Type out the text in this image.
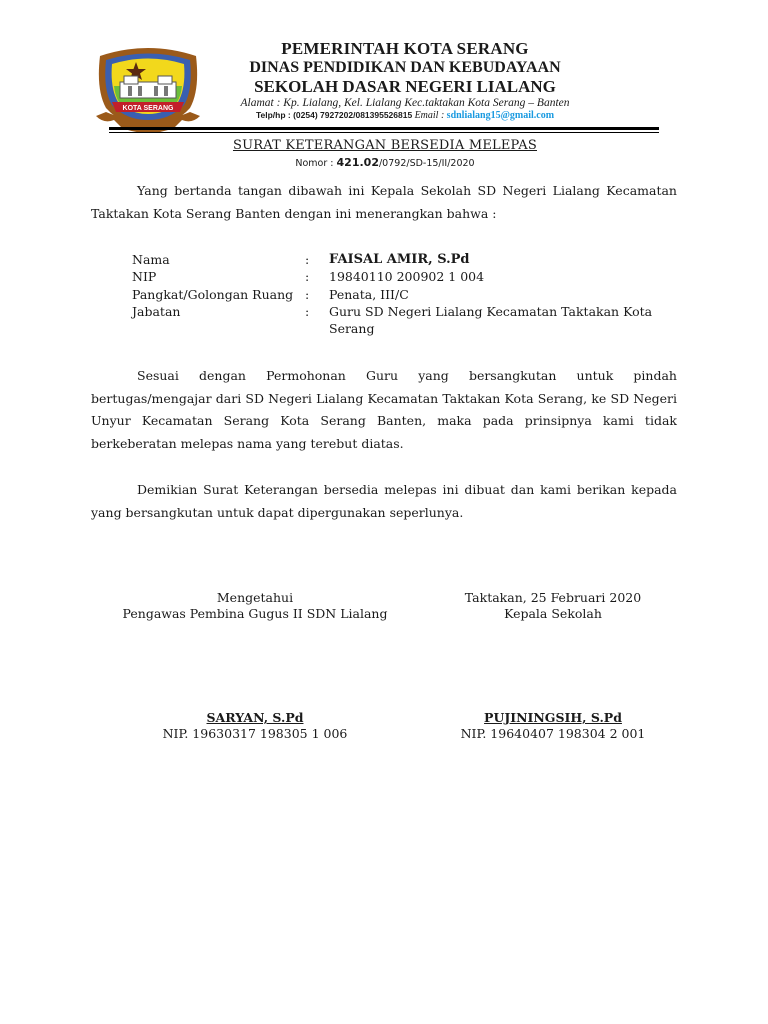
KOTA SERANG
PEMERINTAH KOTA SERANG
DINAS PENDIDIKAN DAN KEBUDAYAAN
SEKOLAH DASAR NEGERI LIALANG
Alamat : Kp. Lialang, Kel. Lialang Kec.taktakan Kota Serang – Banten
Telp/hp : (0254) 7927202/081395526815 Email : sdnlialang15@gmail.com
SURAT KETERANGAN BERSEDIA MELEPAS
Nomor : 421.02/0792/SD-15/II/2020
Yang bertanda tangan dibawah ini Kepala Sekolah SD Negeri Lialang Kecamatan Taktakan Kota Serang Banten dengan ini menerangkan bahwa :
Nama	: FAISAL AMIR, S.Pd
NIP	: 19840110 200902 1 004
Pangkat/Golongan Ruang : Penata, III/C
Jabatan	: Guru SD Negeri Lialang Kecamatan Taktakan Kota Serang
Sesuai dengan Permohonan Guru yang bersangkutan untuk pindah bertugas/mengajar dari SD Negeri Lialang Kecamatan Taktakan Kota Serang, ke SD Negeri Unyur Kecamatan Serang Kota Serang Banten, maka pada prinsipnya kami tidak berkeberatan melepas nama yang terebut diatas.
Demikian Surat Keterangan bersedia melepas ini dibuat dan kami berikan kepada yang bersangkutan untuk dapat dipergunakan seperlunya.
Mengetahui
Pengawas Pembina Gugus II SDN Lialang
Taktakan, 25 Februari 2020
Kepala Sekolah
SARYAN, S.Pd
NIP. 19630317 198305 1 006
PUJININGSIH, S.Pd
NIP. 19640407 198304 2 001
